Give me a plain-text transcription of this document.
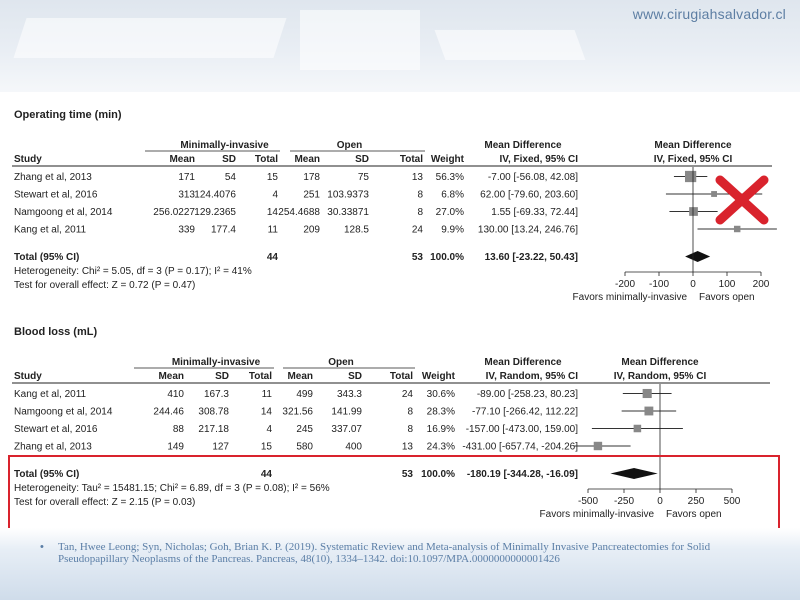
www.cirugiahsalvador.cl
Operating time (min)
Minimally-invasive	Open	Mean Difference	Mean Difference
Study	Mean	SD Total Mean	SD	Total Weight	IV, Fixed, 95% CI	IV, Fixed, 95% CI
Zhang et al, 2013	171	54	15	178	75	13 56.3% -7.00 [-56.08, 42.08]
Stewart et al, 2016	313 124.4076	4	251 103.9373	8 6.8% 62.00 [-79.60, 203.60]
Namgoong et al, 2014	256.0227 129.2365	14 254.4688 30.33871	8 27.0%	1.55 [-69.33, 72.44]
Kang et al, 2011	339 177.4	11	209 128.5	24 9.9% 130.00 [13.24, 246.76]
Total (95% CI)	44	53 100.0% 13.60 [-23.22, 50.43]
Heterogeneity: Chi² = 5.05, df = 3 (P = 0.17); I² = 41%
Test for overall effect: Z = 0.72 (P = 0.47)	-200 -100 0 100 200
Favors minimally-invasive Favors open
Blood loss (mL)
Minimally-invasive	Open	Mean Difference	Mean Difference
Study	Mean	SD Total Mean	SD	Total Weight	IV, Random, 95% CI	IV, Random, 95% CI
Kang et al, 2011	410 167.3	11 499 343.3	24 30.6% -89.00 [-258.23, 80.23]
Namgoong et al, 2014	244.46 308.78	14 321.56 141.99	8 28.3% -77.10 [-266.42, 112.22]
Stewart et al, 2016	88 217.18	4 245 337.07	8 16.9% -157.00 [-473.00, 159.00]
Zhang et al, 2013	149	127	15 580	400	13 24.3% -431.00 [-657.74, -204.26]
Total (95% CI)	44	53 100.0% -180.19 [-344.28, -16.09]
Heterogeneity: Tau² = 15481.15; Chi² = 6.89, df = 3 (P = 0.08); I² = 56%
Test for overall effect: Z = 2.15 (P = 0.03)	-500 -250 0 250 500
Favors minimally-invasive Favors open
• Tan, Hwee Leong; Syn, Nicholas; Goh, Brian K. P. (2019). Systematic Review and Meta-analysis of Minimally Invasive Pancreatectomies for Solid Pseudopapillary Neoplasms of the Pancreas. Pancreas, 48(10), 1334–1342. doi:10.1097/MPA.0000000000001426
